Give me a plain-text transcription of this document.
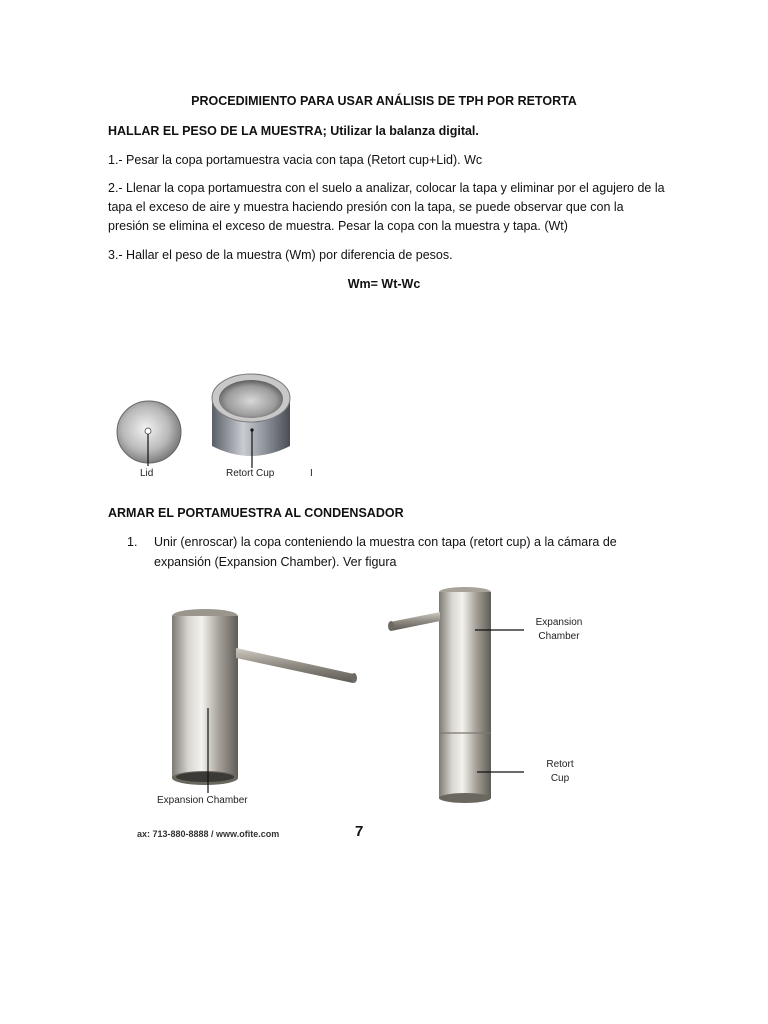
PROCEDIMIENTO PARA USAR ANÁLISIS DE TPH POR RETORTA
HALLAR EL PESO DE LA MUESTRA; Utilizar la balanza digital.
1.- Pesar la copa portamuestra vacia con tapa (Retort cup+Lid). Wc
2.- Llenar la copa portamuestra con el suelo a analizar, colocar la tapa y eliminar por el agujero de la tapa el exceso de aire y muestra haciendo presión con la tapa, se puede observar que con la presión se elimina el exceso de muestra. Pesar la copa con la muestra y tapa. (Wt)
3.- Hallar el peso de la muestra (Wm) por diferencia de pesos.
Wm= Wt-Wc
Lid	Retort Cup	I
ARMAR EL PORTAMUESTRA AL CONDENSADOR
1.	Unir (enroscar) la copa conteniendo la muestra con tapa (retort cup) a la cámara de expansión (Expansion Chamber). Ver figura
Expansion Chamber
Expansion
Chamber
Retort
Cup
ax: 713-880-8888 / www.ofite.com	7
